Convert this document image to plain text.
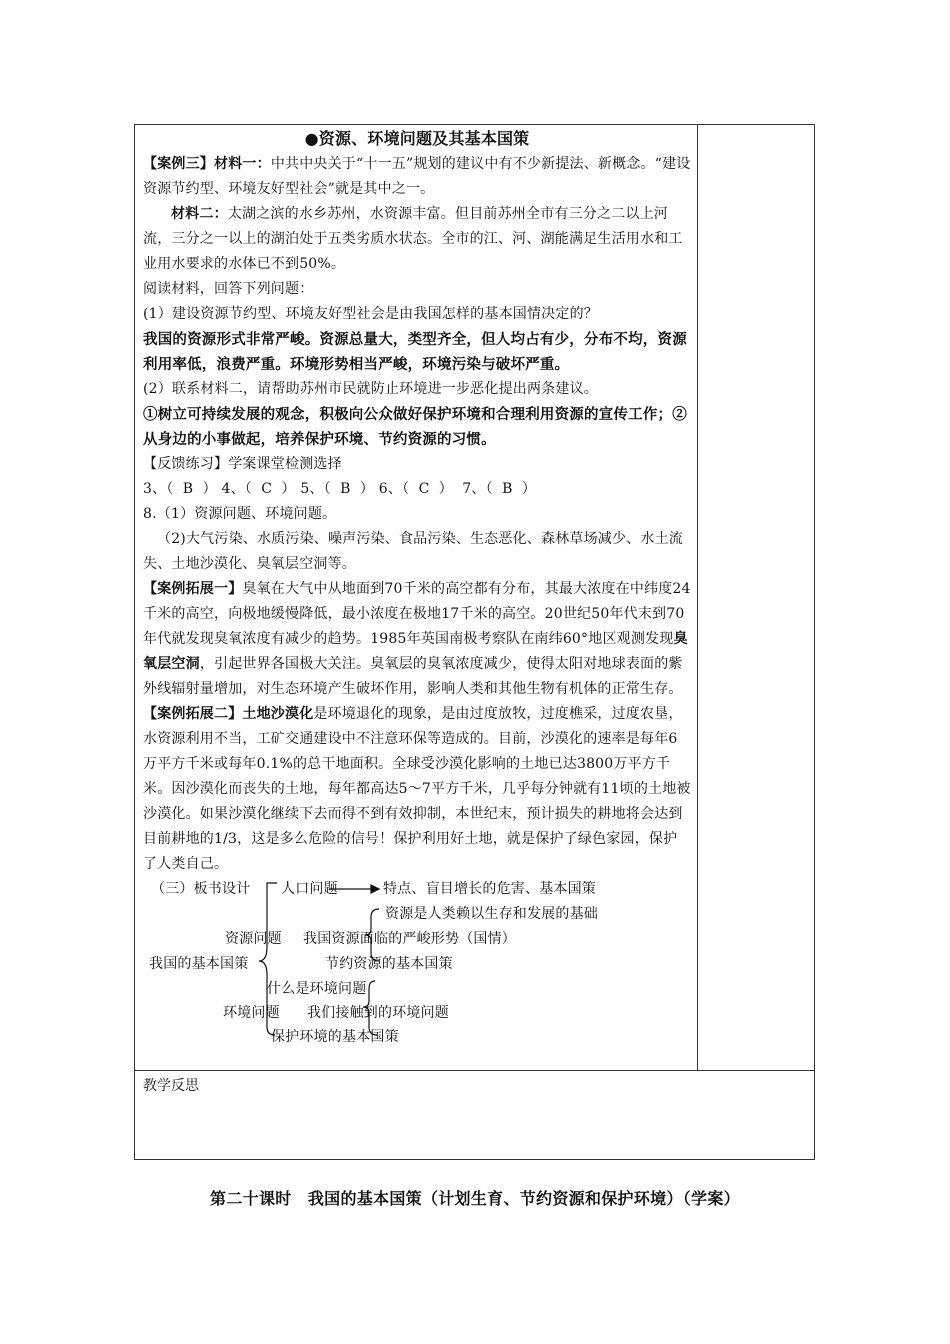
●资源、环境问题及其基本国策

【案例三】材料一：中共中央关于“十一五”规划的建议中有不少新提法、新概念。“建设资源节约型、环境友好型社会”就是其中之一。

材料二：太湖之滨的水乡苏州，水资源丰富。但目前苏州全市有三分之二以上河流，三分之一以上的湖泊处于五类劣质水状态。全市的江、河、湖能满足生活用水和工业用水要求的水体已不到50%。

阅读材料，回答下列问题：

(1）建设资源节约型、环境友好型社会是由我国怎样的基本国情决定的？

我国的资源形式非常严峻。资源总量大，类型齐全，但人均占有少，分布不均，资源利用率低，浪费严重。环境形势相当严峻，环境污染与破坏严重。

(2）联系材料二，请帮助苏州市民就防止环境进一步恶化提出两条建议。

①树立可持续发展的观念，积极向公众做好保护环境和合理利用资源的宣传工作；②从身边的小事做起，培养保护环境、节约资源的习惯。

【反馈练习】学案课堂检测选择

3、（  B  ） 4、（  C  ） 5、（  B  ） 6、（  C  ）  7、（  B  ）

8.（1）资源问题、环境问题。

（2)大气污染、水质污染、噪声污染、食品污染、生态恶化、森林草场减少、水土流失、土地沙漠化、臭氧层空洞等。

【案例拓展一】臭氧在大气中从地面到70千米的高空都有分布，其最大浓度在中纬度24千米的高空，向极地缓慢降低，最小浓度在极地17千米的高空。20世纪50年代末到70年代就发现臭氧浓度有减少的趋势。1985年英国南极考察队在南纬60°地区观测发现臭氧层空洞，引起世界各国极大关注。臭氧层的臭氧浓度减少，使得太阳对地球表面的紫外线辐射量增加，对生态环境产生破坏作用，影响人类和其他生物有机体的正常生存。

【案例拓展二】土地沙漠化是环境退化的现象，是由过度放牧，过度樵采，过度农垦，水资源利用不当，工矿交通建设中不注意环保等造成的。目前，沙漠化的速率是每年6万平方千米或每年0.1%的总干地面积。全球受沙漠化影响的土地已达3800万平方千米。因沙漠化而丧失的土地，每年都高达5～7平方千米，几乎每分钟就有11顷的土地被沙漠化。如果沙漠化继续下去而得不到有效抑制，本世纪末，预计损失的耕地将会达到目前耕地的1/3，这是多么危险的信号！保护利用好土地，就是保护了绿色家园，保护了人类自己。

（三）板书设计 人口问题	特点、盲目增长的危害、基本国策
资源是人类赖以生存和发展的基础
资源问题 我国资源面临的严峻形势（国情）
我国的基本国策	节约资源的基本国策
什么是环境问题
环境问题 我们接触到的环境问题
保护环境的基本国策
教学反思
第二十课时　我国的基本国策（计划生育、节约资源和保护环境）（学案）
